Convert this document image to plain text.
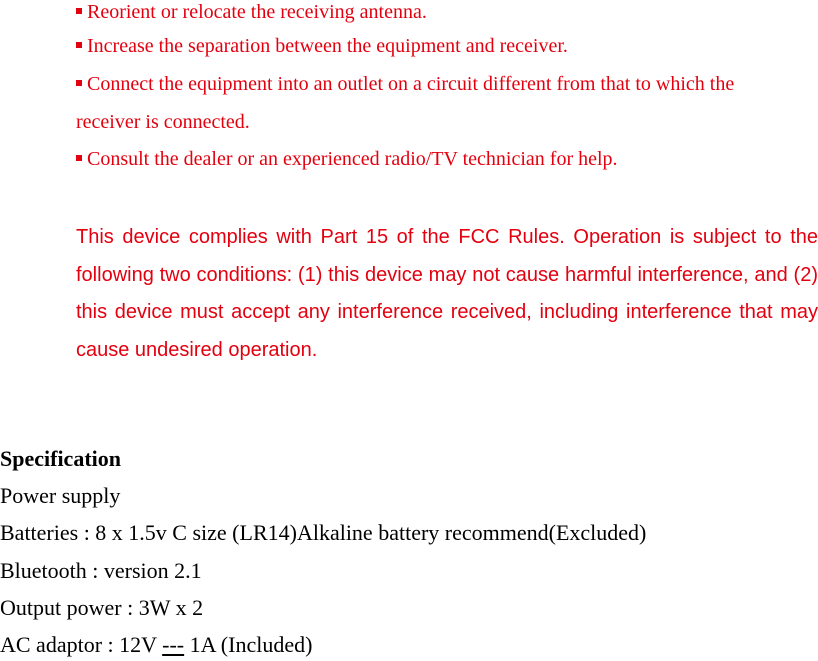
Reorient or relocate the receiving antenna.
Increase the separation between the equipment and receiver.
Connect the equipment into an outlet on a circuit different from that to which the
receiver is connected.
Consult the dealer or an experienced radio/TV technician for help.
This device complies with Part 15 of the FCC Rules. Operation is subject to the following two conditions: (1) this device may not cause harmful interference, and (2) this device must accept any interference received, including interference that may cause undesired operation.
Specification
Power supply
Batteries : 8 x 1.5v C size (LR14)Alkaline battery recommend(Excluded)
Bluetooth : version 2.1
Output power : 3W x 2
AC adaptor : 12V --- 1A (Included)
